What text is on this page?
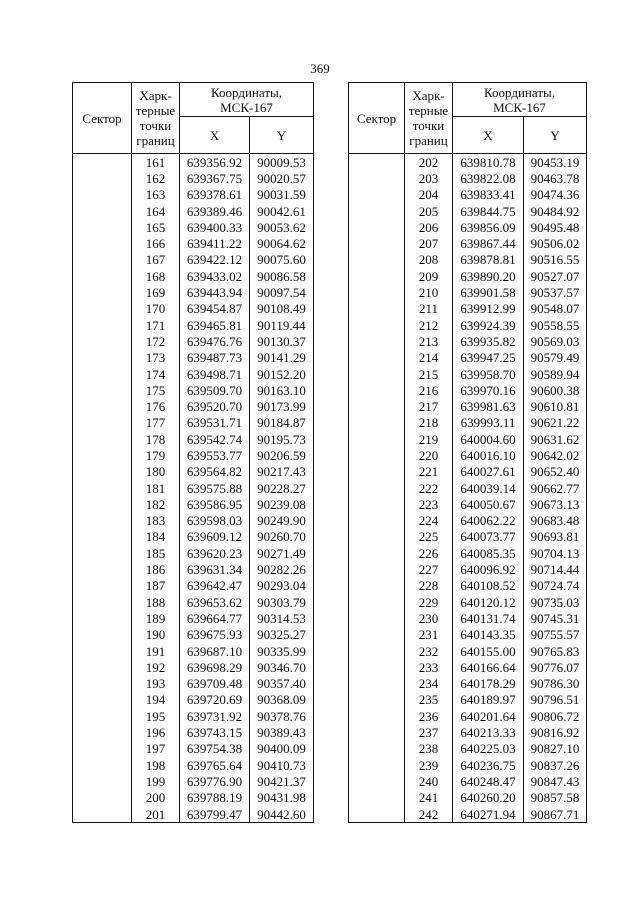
369
Сектор	Харк-
терные
точки
границ	Координаты,
МСК-167	
		X	Y
	161	639356.92	90009.53
	162	639367.75	90020.57
	163	639378.61	90031.59
	164	639389.46	90042.61
	165	639400.33	90053.62
	166	639411.22	90064.62
	167	639422.12	90075.60
	168	639433.02	90086.58
	169	639443.94	90097.54
	170	639454.87	90108.49
	171	639465.81	90119.44
	172	639476.76	90130.37
	173	639487.73	90141.29
	174	639498.71	90152.20
	175	639509.70	90163.10
	176	639520.70	90173.99
	177	639531.71	90184.87
	178	639542.74	90195.73
	179	639553.77	90206.59
	180	639564.82	90217.43
	181	639575.88	90228.27
	182	639586.95	90239.08
	183	639598.03	90249.90
	184	639609.12	90260.70
	185	639620.23	90271.49
	186	639631.34	90282.26
	187	639642.47	90293.04
	188	639653.62	90303.79
	189	639664.77	90314.53
	190	639675.93	90325.27
	191	639687.10	90335.99
	192	639698.29	90346.70
	193	639709.48	90357.40
	194	639720.69	90368.09
	195	639731.92	90378.76
	196	639743.15	90389.43
	197	639754.38	90400.09
	198	639765.64	90410.73
	199	639776.90	90421.37
	200	639788.19	90431.98
	201	639799.47	90442.60
Сектор	Харк-
терные
точки
границ	Координаты,
МСК-167	
		X	Y
	202	639810.78	90453.19
	203	639822.08	90463.78
	204	639833.41	90474.36
	205	639844.75	90484.92
	206	639856.09	90495.48
	207	639867.44	90506.02
	208	639878.81	90516.55
	209	639890.20	90527.07
	210	639901.58	90537.57
	211	639912.99	90548.07
	212	639924.39	90558.55
	213	639935.82	90569.03
	214	639947.25	90579.49
	215	639958.70	90589.94
	216	639970.16	90600.38
	217	639981.63	90610.81
	218	639993.11	90621.22
	219	640004.60	90631.62
	220	640016.10	90642.02
	221	640027.61	90652.40
	222	640039.14	90662.77
	223	640050.67	90673.13
	224	640062.22	90683.48
	225	640073.77	90693.81
	226	640085.35	90704.13
	227	640096.92	90714.44
	228	640108.52	90724.74
	229	640120.12	90735.03
	230	640131.74	90745.31
	231	640143.35	90755.57
	232	640155.00	90765.83
	233	640166.64	90776.07
	234	640178.29	90786.30
	235	640189.97	90796.51
	236	640201.64	90806.72
	237	640213.33	90816.92
	238	640225.03	90827.10
	239	640236.75	90837.26
	240	640248.47	90847.43
	241	640260.20	90857.58
	242	640271.94	90867.71
